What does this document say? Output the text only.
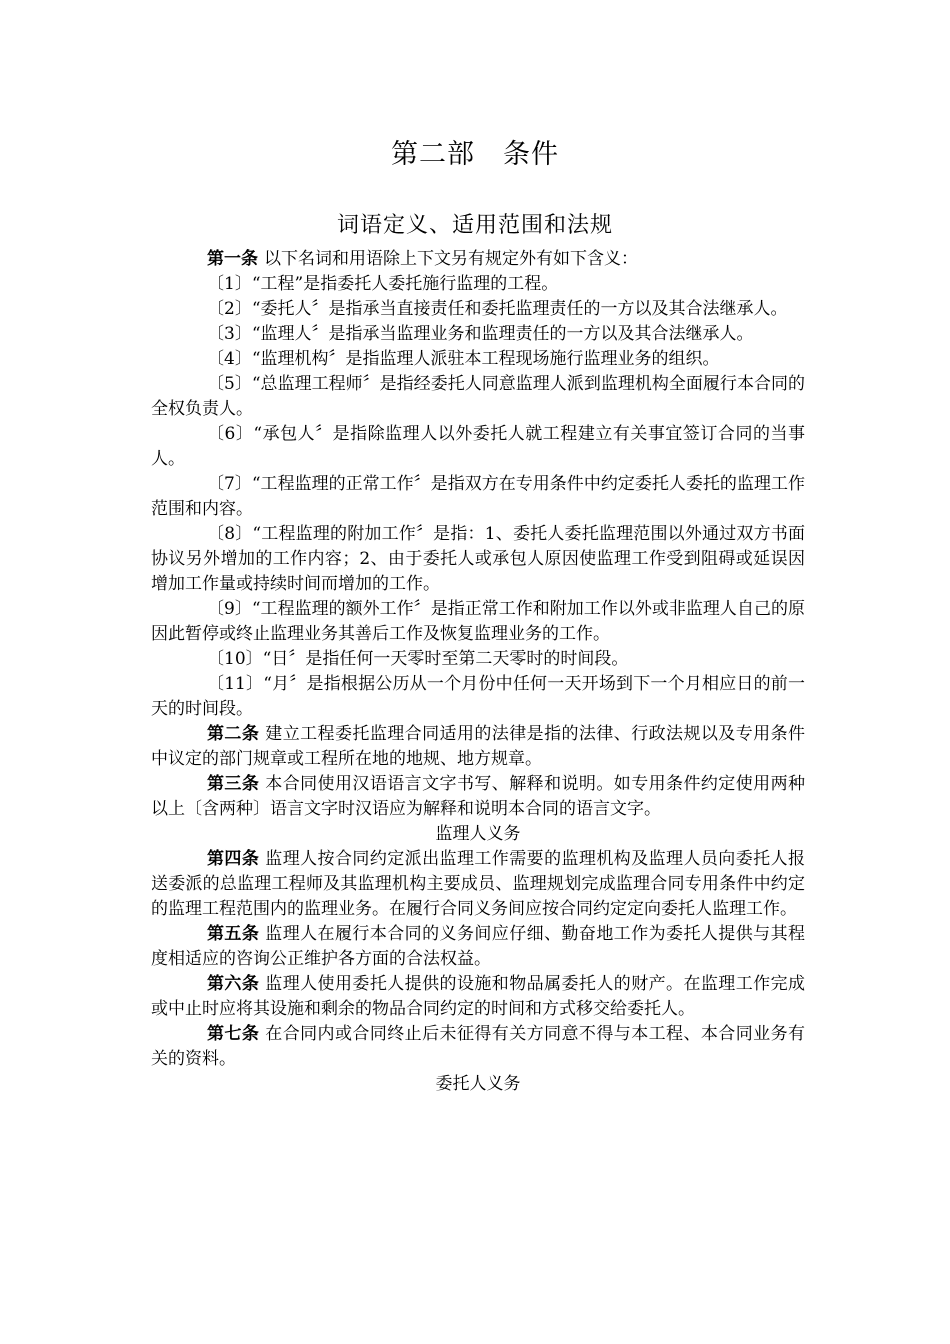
第二部　条件
词语定义、适用范围和法规

第一条 以下名词和用语除上下文另有规定外有如下含义：

〔1〕“工程”是指委托人委托施行监理的工程。

〔2〕“委托人〞是指承当直接责任和委托监理责任的一方以及其合法继承人。

〔3〕“监理人〞是指承当监理业务和监理责任的一方以及其合法继承人。

〔4〕“监理机构〞是指监理人派驻本工程现场施行监理业务的组织。

〔5〕“总监理工程师〞是指经委托人同意监理人派到监理机构全面履行本合同的全权负责人。

〔6〕“承包人〞是指除监理人以外委托人就工程建立有关事宜签订合同的当事人。

〔7〕“工程监理的正常工作〞是指双方在专用条件中约定委托人委托的监理工作范围和内容。

〔8〕“工程监理的附加工作〞是指：1、委托人委托监理范围以外通过双方书面协议另外增加的工作内容；2、由于委托人或承包人原因使监理工作受到阻碍或延误因增加工作量或持续时间而增加的工作。

〔9〕“工程监理的额外工作〞是指正常工作和附加工作以外或非监理人自己的原因此暂停或终止监理业务其善后工作及恢复监理业务的工作。

〔10〕“日〞是指任何一天零时至第二天零时的时间段。

〔11〕“月〞是指根据公历从一个月份中任何一天开场到下一个月相应日的前一天的时间段。

第二条 建立工程委托监理合同适用的法律是指的法律、行政法规以及专用条件中议定的部门规章或工程所在地的地规、地方规章。

第三条 本合同使用汉语语言文字书写、解释和说明。如专用条件约定使用两种以上〔含两种〕语言文字时汉语应为解释和说明本合同的语言文字。

监理人义务

第四条 监理人按合同约定派出监理工作需要的监理机构及监理人员向委托人报送委派的总监理工程师及其监理机构主要成员、监理规划完成监理合同专用条件中约定的监理工程范围内的监理业务。在履行合同义务间应按合同约定定向委托人监理工作。

第五条 监理人在履行本合同的义务间应仔细、勤奋地工作为委托人提供与其程度相适应的咨询公正维护各方面的合法权益。

第六条 监理人使用委托人提供的设施和物品属委托人的财产。在监理工作完成或中止时应将其设施和剩余的物品合同约定的时间和方式移交给委托人。

第七条 在合同内或合同终止后未征得有关方同意不得与本工程、本合同业务有关的资料。

委托人义务
